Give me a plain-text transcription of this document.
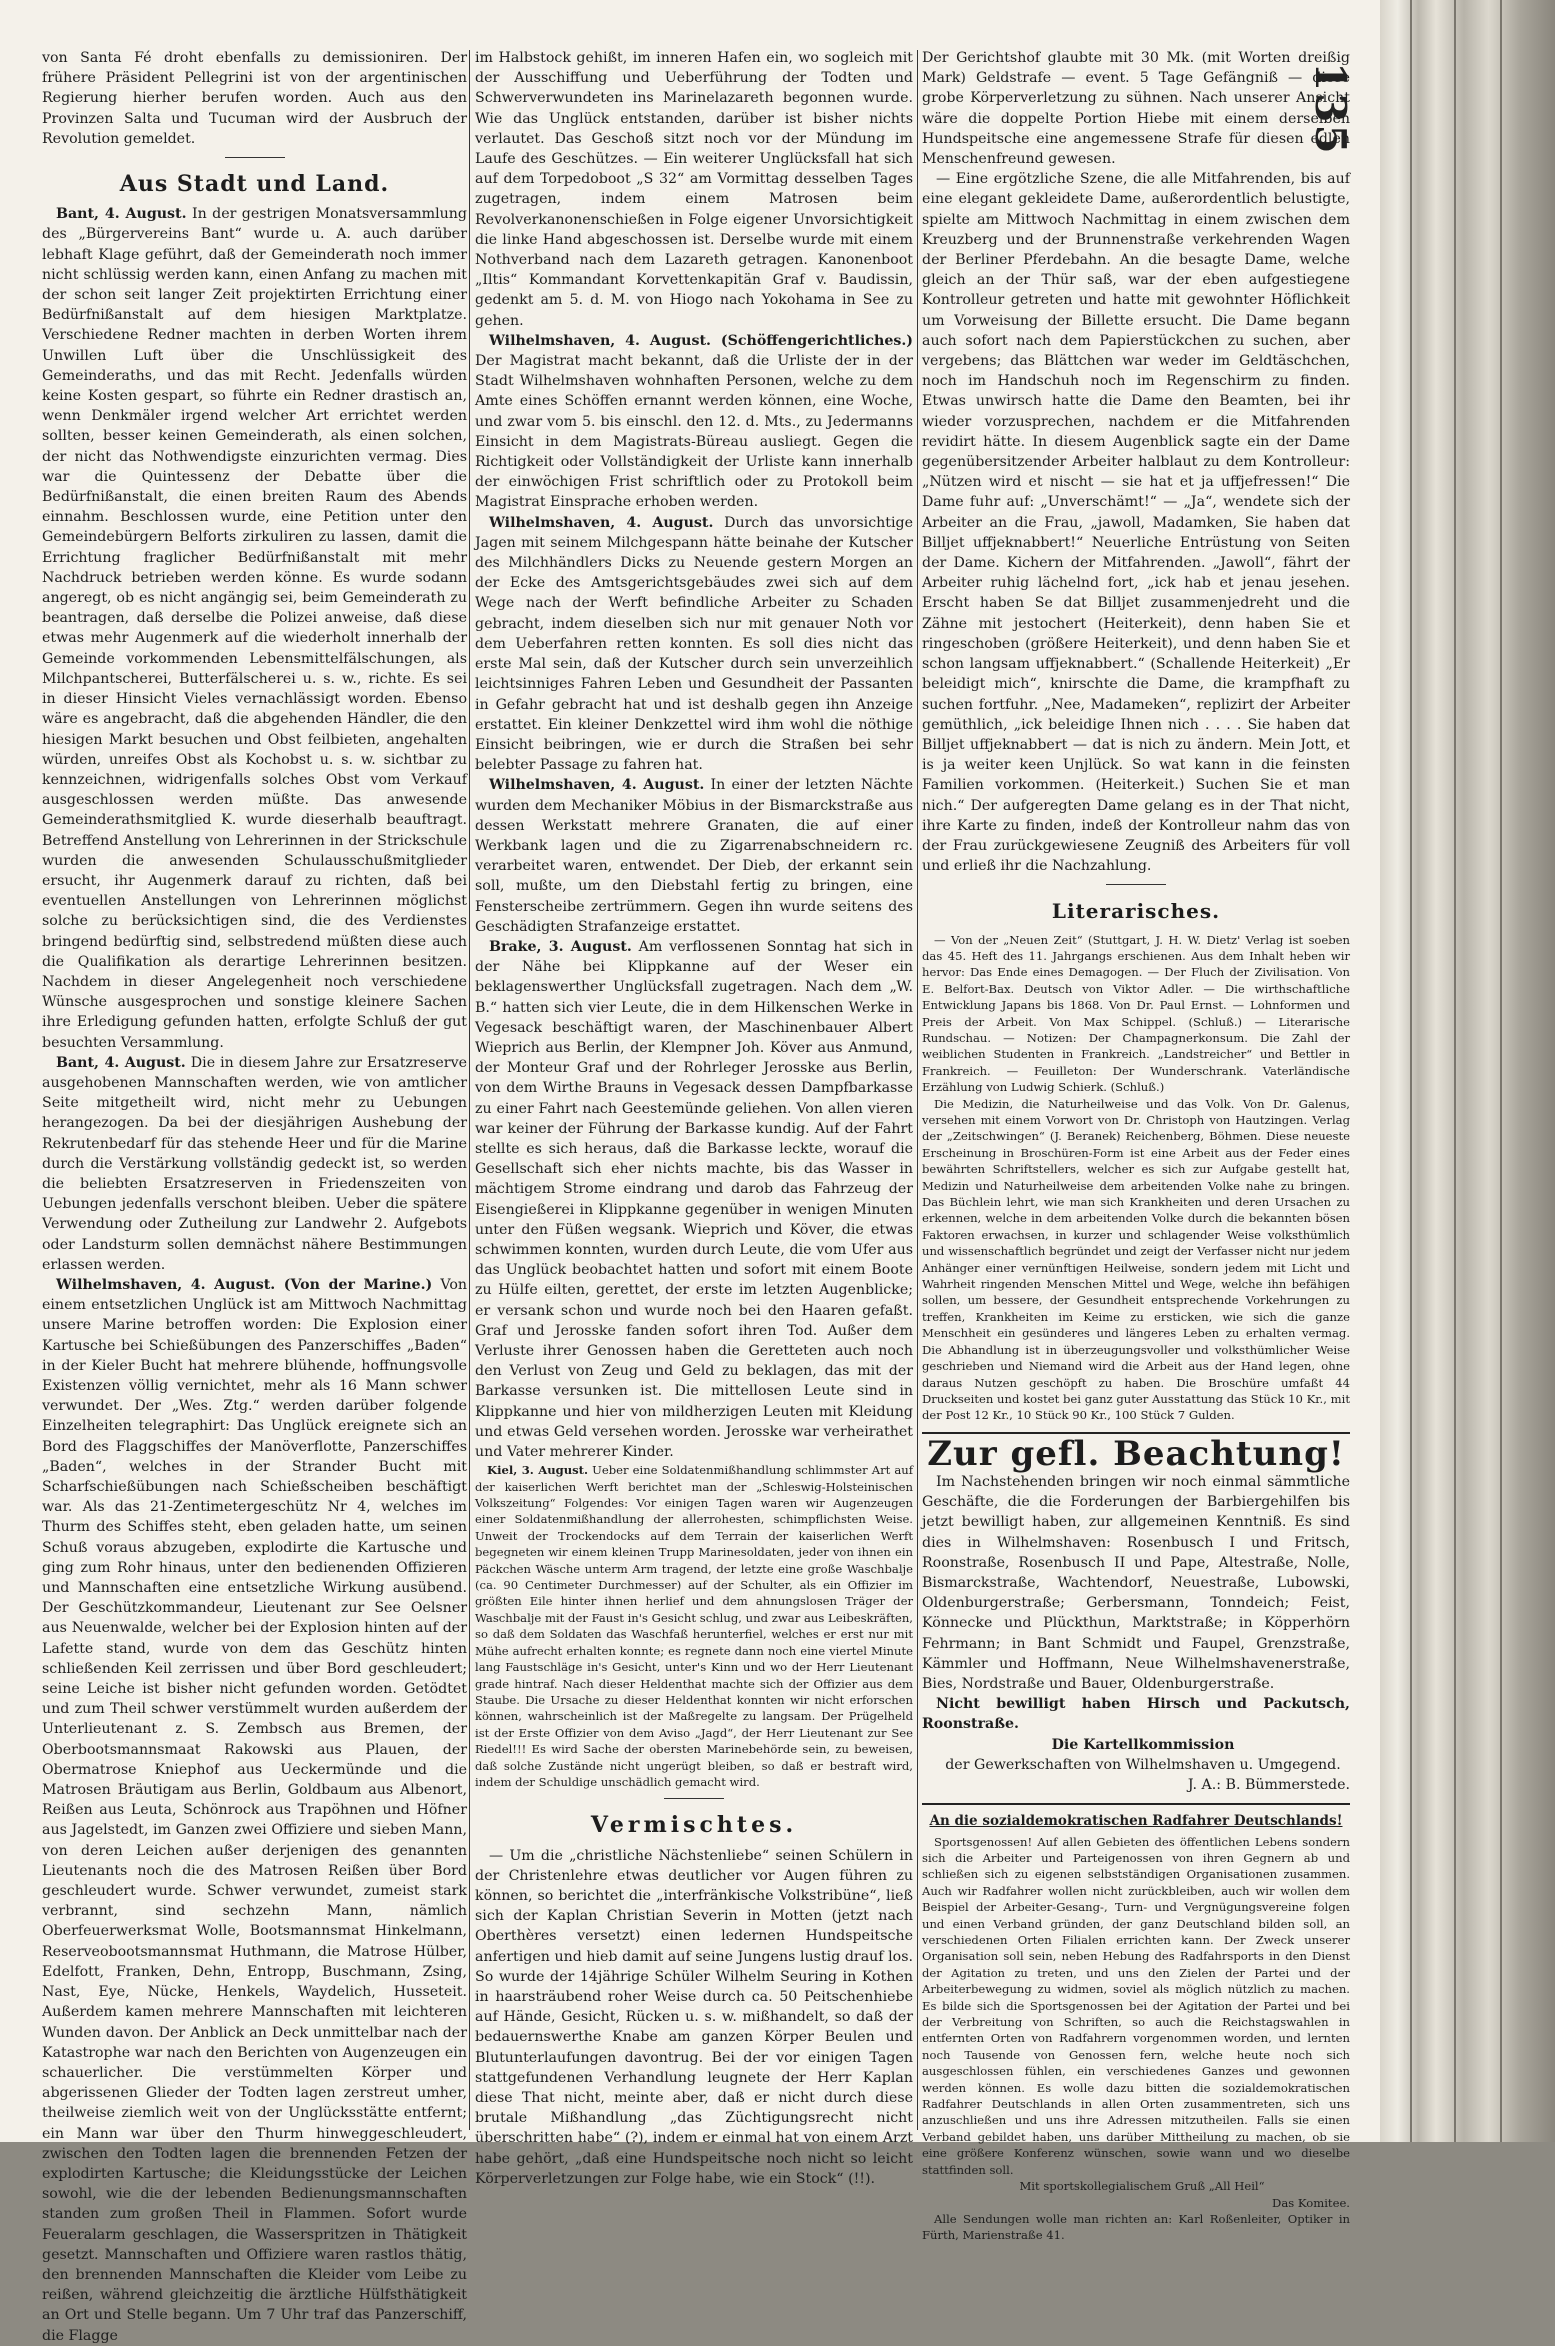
von Santa Fé droht ebenfalls zu demissioniren. Der frühere Präsident Pellegrini ist von der argentinischen Regierung hierher berufen worden. Auch aus den Provinzen Salta und Tucuman wird der Ausbruch der Revolution gemeldet.

Aus Stadt und Land.

Bant, 4. August. In der gestrigen Monatsversammlung des „Bürgervereins Bant“ wurde u. A. auch darüber lebhaft Klage geführt, daß der Gemeinderath noch immer nicht schlüssig werden kann, einen Anfang zu machen mit der schon seit langer Zeit projektirten Errichtung einer Bedürfnißanstalt auf dem hiesigen Marktplatze. Verschiedene Redner machten in derben Worten ihrem Unwillen Luft über die Unschlüssigkeit des Gemeinderaths, und das mit Recht. Jedenfalls würden keine Kosten gespart, so führte ein Redner drastisch an, wenn Denkmäler irgend welcher Art errichtet werden sollten, besser keinen Gemeinderath, als einen solchen, der nicht das Nothwendigste einzurichten vermag. Dies war die Quintessenz der Debatte über die Bedürfnißanstalt, die einen breiten Raum des Abends einnahm. Beschlossen wurde, eine Petition unter den Gemeindebürgern Belforts zirkuliren zu lassen, damit die Errichtung fraglicher Bedürfnißanstalt mit mehr Nachdruck betrieben werden könne. Es wurde sodann angeregt, ob es nicht angängig sei, beim Gemeinderath zu beantragen, daß derselbe die Polizei anweise, daß diese etwas mehr Augenmerk auf die wiederholt innerhalb der Gemeinde vorkommenden Lebensmittelfälschungen, als Milchpantscherei, Butterfälscherei u. s. w., richte. Es sei in dieser Hinsicht Vieles vernachlässigt worden. Ebenso wäre es angebracht, daß die abgehenden Händler, die den hiesigen Markt besuchen und Obst feilbieten, angehalten würden, unreifes Obst als Kochobst u. s. w. sichtbar zu kennzeichnen, widrigenfalls solches Obst vom Verkauf ausgeschlossen werden müßte. Das anwesende Gemeinderathsmitglied K. wurde dieserhalb beauftragt. Betreffend Anstellung von Lehrerinnen in der Strickschule wurden die anwesenden Schulausschußmitglieder ersucht, ihr Augenmerk darauf zu richten, daß bei eventuellen Anstellungen von Lehrerinnen möglichst solche zu berücksichtigen sind, die des Verdienstes bringend bedürftig sind, selbstredend müßten diese auch die Qualifikation als derartige Lehrerinnen besitzen. Nachdem in dieser Angelegenheit noch verschiedene Wünsche ausgesprochen und sonstige kleinere Sachen ihre Erledigung gefunden hatten, erfolgte Schluß der gut besuchten Versammlung.

Bant, 4. August. Die in diesem Jahre zur Ersatzreserve ausgehobenen Mannschaften werden, wie von amtlicher Seite mitgetheilt wird, nicht mehr zu Uebungen herangezogen. Da bei der diesjährigen Aushebung der Rekrutenbedarf für das stehende Heer und für die Marine durch die Verstärkung vollständig gedeckt ist, so werden die beliebten Ersatzreserven in Friedenszeiten von Uebungen jedenfalls verschont bleiben. Ueber die spätere Verwendung oder Zutheilung zur Landwehr 2. Aufgebots oder Landsturm sollen demnächst nähere Bestimmungen erlassen werden.

Wilhelmshaven, 4. August. (Von der Marine.) Von einem entsetzlichen Unglück ist am Mittwoch Nachmittag unsere Marine betroffen worden: Die Explosion einer Kartusche bei Schießübungen des Panzerschiffes „Baden“ in der Kieler Bucht hat mehrere blühende, hoffnungsvolle Existenzen völlig vernichtet, mehr als 16 Mann schwer verwundet. Der „Wes. Ztg.“ werden darüber folgende Einzelheiten telegraphirt: Das Unglück ereignete sich an Bord des Flaggschiffes der Manöverflotte, Panzerschiffes „Baden“, welches in der Strander Bucht mit Scharfschießübungen nach Schießscheiben beschäftigt war. Als das 21-Zentimetergeschütz Nr 4, welches im Thurm des Schiffes steht, eben geladen hatte, um seinen Schuß voraus abzugeben, explodirte die Kartusche und ging zum Rohr hinaus, unter den bedienenden Offizieren und Mannschaften eine entsetzliche Wirkung ausübend. Der Geschützkommandeur, Lieutenant zur See Oelsner aus Neuenwalde, welcher bei der Explosion hinten auf der Lafette stand, wurde von dem das Geschütz hinten schließenden Keil zerrissen und über Bord geschleudert; seine Leiche ist bisher nicht gefunden worden. Getödtet und zum Theil schwer verstümmelt wurden außerdem der Unterlieutenant z. S. Zembsch aus Bremen, der Oberbootsmannsmaat Rakowski aus Plauen, der Obermatrose Kniephof aus Ueckermünde und die Matrosen Bräutigam aus Berlin, Goldbaum aus Albenort, Reißen aus Leuta, Schönrock aus Trapöhnen und Höfner aus Jagelstedt, im Ganzen zwei Offiziere und sieben Mann, von deren Leichen außer derjenigen des genannten Lieutenants noch die des Matrosen Reißen über Bord geschleudert wurde. Schwer verwundet, zumeist stark verbrannt, sind sechzehn Mann, nämlich Oberfeuerwerksmat Wolle, Bootsmannsmat Hinkelmann, Reserveobootsmannsmat Huthmann, die Matrose Hülber, Edelfott, Franken, Dehn, Entropp, Buschmann, Zsing, Nast, Eye, Nücke, Henkels, Waydelich, Husseteit. Außerdem kamen mehrere Mannschaften mit leichteren Wunden davon. Der Anblick an Deck unmittelbar nach der Katastrophe war nach den Berichten von Augenzeugen ein schauerlicher. Die verstümmelten Körper und abgerissenen Glieder der Todten lagen zerstreut umher, theilweise ziemlich weit von der Unglücksstätte entfernt; ein Mann war über den Thurm hinweggeschleudert, zwischen den Todten lagen die brennenden Fetzen der explodirten Kartusche; die Kleidungsstücke der Leichen sowohl, wie die der lebenden Bedienungsmannschaften standen zum großen Theil in Flammen. Sofort wurde Feueralarm geschlagen, die Wasserspritzen in Thätigkeit gesetzt. Mannschaften und Offiziere waren rastlos thätig, den brennenden Mannschaften die Kleider vom Leibe zu reißen, während gleichzeitig die ärztliche Hülfsthätigkeit an Ort und Stelle begann. Um 7 Uhr traf das Panzerschiff, die Flagge

im Halbstock gehißt, im inneren Hafen ein, wo sogleich mit der Ausschiffung und Ueberführung der Todten und Schwerverwundeten ins Marinelazareth begonnen wurde. Wie das Unglück entstanden, darüber ist bisher nichts verlautet. Das Geschoß sitzt noch vor der Mündung im Laufe des Geschützes. — Ein weiterer Unglücksfall hat sich auf dem Torpedoboot „S 32“ am Vormittag desselben Tages zugetragen, indem einem Matrosen beim Revolverkanonenschießen in Folge eigener Unvorsichtigkeit die linke Hand abgeschossen ist. Derselbe wurde mit einem Nothverband nach dem Lazareth getragen. Kanonenboot „Iltis“ Kommandant Korvettenkapitän Graf v. Baudissin, gedenkt am 5. d. M. von Hiogo nach Yokohama in See zu gehen.

Wilhelmshaven, 4. August. (Schöffengerichtliches.) Der Magistrat macht bekannt, daß die Urliste der in der Stadt Wilhelmshaven wohnhaften Personen, welche zu dem Amte eines Schöffen ernannt werden können, eine Woche, und zwar vom 5. bis einschl. den 12. d. Mts., zu Jedermanns Einsicht in dem Magistrats-Büreau ausliegt. Gegen die Richtigkeit oder Vollständigkeit der Urliste kann innerhalb der einwöchigen Frist schriftlich oder zu Protokoll beim Magistrat Einsprache erhoben werden.

Wilhelmshaven, 4. August. Durch das unvorsichtige Jagen mit seinem Milchgespann hätte beinahe der Kutscher des Milchhändlers Dicks zu Neuende gestern Morgen an der Ecke des Amtsgerichtsgebäudes zwei sich auf dem Wege nach der Werft befindliche Arbeiter zu Schaden gebracht, indem dieselben sich nur mit genauer Noth vor dem Ueberfahren retten konnten. Es soll dies nicht das erste Mal sein, daß der Kutscher durch sein unverzeihlich leichtsinniges Fahren Leben und Gesundheit der Passanten in Gefahr gebracht hat und ist deshalb gegen ihn Anzeige erstattet. Ein kleiner Denkzettel wird ihm wohl die nöthige Einsicht beibringen, wie er durch die Straßen bei sehr belebter Passage zu fahren hat.

Wilhelmshaven, 4. August. In einer der letzten Nächte wurden dem Mechaniker Möbius in der Bismarckstraße aus dessen Werkstatt mehrere Granaten, die auf einer Werkbank lagen und die zu Zigarrenabschneidern rc. verarbeitet waren, entwendet. Der Dieb, der erkannt sein soll, mußte, um den Diebstahl fertig zu bringen, eine Fensterscheibe zertrümmern. Gegen ihn wurde seitens des Geschädigten Strafanzeige erstattet.

Brake, 3. August. Am verflossenen Sonntag hat sich in der Nähe bei Klippkanne auf der Weser ein beklagenswerther Unglücksfall zugetragen. Nach dem „W. B.“ hatten sich vier Leute, die in dem Hilkenschen Werke in Vegesack beschäftigt waren, der Maschinenbauer Albert Wieprich aus Berlin, der Klempner Joh. Köver aus Anmund, der Monteur Graf und der Rohrleger Jerosske aus Berlin, von dem Wirthe Brauns in Vegesack dessen Dampfbarkasse zu einer Fahrt nach Geestemünde geliehen. Von allen vieren war keiner der Führung der Barkasse kundig. Auf der Fahrt stellte es sich heraus, daß die Barkasse leckte, worauf die Gesellschaft sich eher nichts machte, bis das Wasser in mächtigem Strome eindrang und darob das Fahrzeug der Eisengießerei in Klippkanne gegenüber in wenigen Minuten unter den Füßen wegsank. Wieprich und Köver, die etwas schwimmen konnten, wurden durch Leute, die vom Ufer aus das Unglück beobachtet hatten und sofort mit einem Boote zu Hülfe eilten, gerettet, der erste im letzten Augenblicke; er versank schon und wurde noch bei den Haaren gefaßt. Graf und Jerosske fanden sofort ihren Tod. Außer dem Verluste ihrer Genossen haben die Geretteten auch noch den Verlust von Zeug und Geld zu beklagen, das mit der Barkasse versunken ist. Die mittellosen Leute sind in Klippkanne und hier von mildherzigen Leuten mit Kleidung und etwas Geld versehen worden. Jerosske war verheirathet und Vater mehrerer Kinder.

Kiel, 3. August. Ueber eine Soldatenmißhandlung schlimmster Art auf der kaiserlichen Werft berichtet man der „Schleswig-Holsteinischen Volkszeitung“ Folgendes: Vor einigen Tagen waren wir Augenzeugen einer Soldatenmißhandlung der allerrohesten, schimpflichsten Weise. Unweit der Trockendocks auf dem Terrain der kaiserlichen Werft begegneten wir einem kleinen Trupp Marinesoldaten, jeder von ihnen ein Päckchen Wäsche unterm Arm tragend, der letzte eine große Waschbalje (ca. 90 Centimeter Durchmesser) auf der Schulter, als ein Offizier im größten Eile hinter ihnen herlief und dem ahnungslosen Träger der Waschbalje mit der Faust in's Gesicht schlug, und zwar aus Leibeskräften, so daß dem Soldaten das Waschfaß herunterfiel, welches er erst nur mit Mühe aufrecht erhalten konnte; es regnete dann noch eine viertel Minute lang Faustschläge in's Gesicht, unter's Kinn und wo der Herr Lieutenant grade hintraf. Nach dieser Heldenthat machte sich der Offizier aus dem Staube. Die Ursache zu dieser Heldenthat konnten wir nicht erforschen können, wahrscheinlich ist der Maßregelte zu langsam. Der Prügelheld ist der Erste Offizier von dem Aviso „Jagd“, der Herr Lieutenant zur See Riedel!!! Es wird Sache der obersten Marinebehörde sein, zu beweisen, daß solche Zustände nicht ungerügt bleiben, so daß er bestraft wird, indem der Schuldige unschädlich gemacht wird.

Vermischtes.

— Um die „christliche Nächstenliebe“ seinen Schülern in der Christenlehre etwas deutlicher vor Augen führen zu können, so berichtet die „interfränkische Volkstribüne“, ließ sich der Kaplan Christian Severin in Motten (jetzt nach Oberthères versetzt) einen ledernen Hundspeitsche anfertigen und hieb damit auf seine Jungens lustig drauf los. So wurde der 14jährige Schüler Wilhelm Seuring in Kothen in haarsträubend roher Weise durch ca. 50 Peitschenhiebe auf Hände, Gesicht, Rücken u. s. w. mißhandelt, so daß der bedauernswerthe Knabe am ganzen Körper Beulen und Blutunterlaufungen davontrug. Bei der vor einigen Tagen stattgefundenen Verhandlung leugnete der Herr Kaplan diese That nicht, meinte aber, daß er nicht durch diese brutale Mißhandlung „das Züchtigungsrecht nicht überschritten habe“ (?), indem er einmal hat von einem Arzt habe gehört, „daß eine Hundspeitsche noch nicht so leicht Körperverletzungen zur Folge habe, wie ein Stock“ (!!).

Der Gerichtshof glaubte mit 30 Mk. (mit Worten dreißig Mark) Geldstrafe — event. 5 Tage Gefängniß — diese grobe Körperverletzung zu sühnen. Nach unserer Ansicht wäre die doppelte Portion Hiebe mit einem derselben Hundspeitsche eine angemessene Strafe für diesen edlen Menschenfreund gewesen.

— Eine ergötzliche Szene, die alle Mitfahrenden, bis auf eine elegant gekleidete Dame, außerordentlich belustigte, spielte am Mittwoch Nachmittag in einem zwischen dem Kreuzberg und der Brunnenstraße verkehrenden Wagen der Berliner Pferdebahn. An die besagte Dame, welche gleich an der Thür saß, war der eben aufgestiegene Kontrolleur getreten und hatte mit gewohnter Höflichkeit um Vorweisung der Billette ersucht. Die Dame begann auch sofort nach dem Papierstückchen zu suchen, aber vergebens; das Blättchen war weder im Geldtäschchen, noch im Handschuh noch im Regenschirm zu finden. Etwas unwirsch hatte die Dame den Beamten, bei ihr wieder vorzusprechen, nachdem er die Mitfahrenden revidirt hätte. In diesem Augenblick sagte ein der Dame gegenübersitzender Arbeiter halblaut zu dem Kontrolleur: „Nützen wird et nischt — sie hat et ja uffjefressen!“ Die Dame fuhr auf: „Unverschämt!“ — „Ja“, wendete sich der Arbeiter an die Frau, „jawoll, Madamken, Sie haben dat Billjet uffjeknabbert!“ Neuerliche Entrüstung von Seiten der Dame. Kichern der Mitfahrenden. „Jawoll“, fährt der Arbeiter ruhig lächelnd fort, „ick hab et jenau jesehen. Erscht haben Se dat Billjet zusammenjedreht und die Zähne mit jestochert (Heiterkeit), denn haben Sie et ringeschoben (größere Heiterkeit), und denn haben Sie et schon langsam uffjeknabbert.“ (Schallende Heiterkeit) „Er beleidigt mich“, knirschte die Dame, die krampfhaft zu suchen fortfuhr. „Nee, Madameken“, replizirt der Arbeiter gemüthlich, „ick beleidige Ihnen nich . . . . Sie haben dat Billjet uffjeknabbert — dat is nich zu ändern. Mein Jott, et is ja weiter keen Unjlück. So wat kann in die feinsten Familien vorkommen. (Heiterkeit.) Suchen Sie et man nich.“ Der aufgeregten Dame gelang es in der That nicht, ihre Karte zu finden, indeß der Kontrolleur nahm das von der Frau zurückgewiesene Zeugniß des Arbeiters für voll und erließ ihr die Nachzahlung.

Literarisches.

— Von der „Neuen Zeit“ (Stuttgart, J. H. W. Dietz' Verlag ist soeben das 45. Heft des 11. Jahrgangs erschienen. Aus dem Inhalt heben wir hervor: Das Ende eines Demagogen. — Der Fluch der Zivilisation. Von E. Belfort-Bax. Deutsch von Viktor Adler. — Die wirthschaftliche Entwicklung Japans bis 1868. Von Dr. Paul Ernst. — Lohnformen und Preis der Arbeit. Von Max Schippel. (Schluß.) — Literarische Rundschau. — Notizen: Der Champagnerkonsum. Die Zahl der weiblichen Studenten in Frankreich. „Landstreicher“ und Bettler in Frankreich. — Feuilleton: Der Wunderschrank. Vaterländische Erzählung von Ludwig Schierk. (Schluß.)

Die Medizin, die Naturheilweise und das Volk. Von Dr. Galenus, versehen mit einem Vorwort von Dr. Christoph von Hautzingen. Verlag der „Zeitschwingen“ (J. Beranek) Reichenberg, Böhmen. Diese neueste Erscheinung in Broschüren-Form ist eine Arbeit aus der Feder eines bewährten Schriftstellers, welcher es sich zur Aufgabe gestellt hat, Medizin und Naturheilweise dem arbeitenden Volke nahe zu bringen. Das Büchlein lehrt, wie man sich Krankheiten und deren Ursachen zu erkennen, welche in dem arbeitenden Volke durch die bekannten bösen Faktoren erwachsen, in kurzer und schlagender Weise volksthümlich und wissenschaftlich begründet und zeigt der Verfasser nicht nur jedem Anhänger einer vernünftigen Heilweise, sondern jedem mit Licht und Wahrheit ringenden Menschen Mittel und Wege, welche ihn befähigen sollen, um bessere, der Gesundheit entsprechende Vorkehrungen zu treffen, Krankheiten im Keime zu ersticken, wie sich die ganze Menschheit ein gesünderes und längeres Leben zu erhalten vermag. Die Abhandlung ist in überzeugungsvoller und volksthümlicher Weise geschrieben und Niemand wird die Arbeit aus der Hand legen, ohne daraus Nutzen geschöpft zu haben. Die Broschüre umfaßt 44 Druckseiten und kostet bei ganz guter Ausstattung das Stück 10 Kr., mit der Post 12 Kr., 10 Stück 90 Kr., 100 Stück 7 Gulden.

Zur gefl. Beachtung!

Im Nachstehenden bringen wir noch einmal sämmtliche Geschäfte, die die Forderungen der Barbiergehilfen bis jetzt bewilligt haben, zur allgemeinen Kenntniß. Es sind dies in Wilhelmshaven: Rosenbusch I und Fritsch, Roonstraße, Rosenbusch II und Pape, Altestraße, Nolle, Bismarckstraße, Wachtendorf, Neuestraße, Lubowski, Oldenburgerstraße; Gerbersmann, Tonndeich; Feist, Könnecke und Plückthun, Marktstraße; in Köpperhörn Fehrmann; in Bant Schmidt und Faupel, Grenzstraße, Kämmler und Hoffmann, Neue Wilhelmshavenerstraße, Bies, Nordstraße und Bauer, Oldenburgerstraße.

Nicht bewilligt haben Hirsch und Packutsch, Roonstraße.

Die Kartellkommission

der Gewerkschaften von Wilhelmshaven u. Umgegend.

J. A.: B. Bümmerstede.

An die sozialdemokratischen Radfahrer Deutschlands!

Sportsgenossen! Auf allen Gebieten des öffentlichen Lebens sondern sich die Arbeiter und Parteigenossen von ihren Gegnern ab und schließen sich zu eigenen selbstständigen Organisationen zusammen. Auch wir Radfahrer wollen nicht zurückbleiben, auch wir wollen dem Beispiel der Arbeiter-Gesang-, Turn- und Vergnügungsvereine folgen und einen Verband gründen, der ganz Deutschland bilden soll, an verschiedenen Orten Filialen errichten kann. Der Zweck unserer Organisation soll sein, neben Hebung des Radfahrsports in den Dienst der Agitation zu treten, und uns den Zielen der Partei und der Arbeiterbewegung zu widmen, soviel als möglich nützlich zu machen. Es bilde sich die Sportsgenossen bei der Agitation der Partei und bei der Verbreitung von Schriften, so auch die Reichstagswahlen in entfernten Orten von Radfahrern vorgenommen worden, und lernten noch Tausende von Genossen fern, welche heute noch sich ausgeschlossen fühlen, ein verschiedenes Ganzes und gewonnen werden können. Es wolle dazu bitten die sozialdemokratischen Radfahrer Deutschlands in allen Orten zusammentreten, sich uns anzuschließen und uns ihre Adressen mitzutheilen. Falls sie einen Verband gebildet haben, uns darüber Mittheilung zu machen, ob sie eine größere Konferenz wünschen, sowie wann und wo dieselbe stattfinden soll.

Mit sportskollegialischem Gruß „All Heil“

Das Komitee.

Alle Sendungen wolle man richten an: Karl Roßenleiter, Optiker in Fürth, Marienstraße 41.

135
